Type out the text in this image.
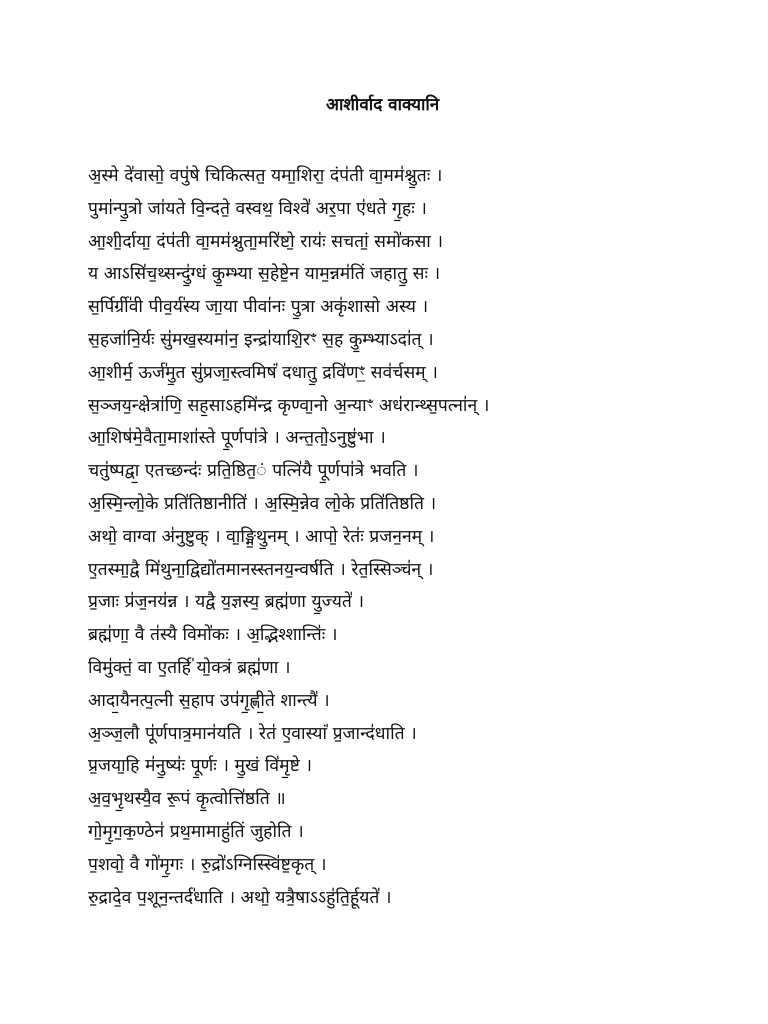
आशीर्वाद वाक्यानि
अ॒स्मे दे॑वासो॒ वपु॑षे चिकित्सत॒ यमा॒शिरा॒ दंप॑ती वा॒मम॑श्नु॒तः ।
पुमा॑न्पु॒त्रो जा॑यते वि॒न्दते॒ वस्वथ॒ विश्वे॑ अर॒पा ए॑धते गृ॒हः ।
आ॒शी॒र्दाया॒ दंप॑ती वा॒मम॑श्नुता॒मरि॑ष्टो॒ रायः॑ सचतां॒ समो॑कसा ।
य आऽसि॑च॒थ्सन्दु॒॑ग्धं कु॒म्भ्या स॒हेष्टे॒न याम॒न्नम॑तिं जहातु॒ सः ।
स॒र्पिर्ग्री॑वी पीव॒र्य॑स्य जा॒या पीवा॑नः पु॒त्रा अकृ॑शासो अस्य ।
स॒हजा॑नि॒र्यः सु॑मख॒स्यमा॑न॒ इन्द्रा॑याशि॒रꣳ स॒ह कु॒म्भ्याऽदा॑त् ।
आ॒शीर्म॒ ऊर्ज॑मु॒त सु॑प्रजा॒स्त्वमिषं॑ दधातु॒ द्रवि॑णꣳ॒ सव॑र्चसम् ।
स॒ञ्जय॒न्क्षेत्रा॑णि॒ सह॒साऽहमि॑न्द्र कृण्वा॒नो अ॒न्याꣳ अध॑रान्थ्स॒पत्ना॑न् ।
आ॒शिष॑मे॒वैता॒माशा॑स्ते पू॒र्णपा॑त्रे । अन्त॒तो॒ऽनुष्टु॑भा ।
चतु॑ष्पद्वा॒ एतच्छन्दः॑ प्रति॒ष्ठित॒ं पत्नि॑यै पू॒र्णपा॑त्रे भवति ।
अ॒स्मि॒न्लो॒के प्रति॑तिष्ठानीति॑ । अ॒स्मि॒न्नेव लो॒के प्रति॑तिष्ठति ।
अथो॒ वाग्वा अ॑नुष्टुक् । वा॒ङ्मि॒थु॒नम् । आपो॒ रेतः॑ प्रजन॒नम् ।
ए॒तस्मा॒द्वै मि॑थुना॒द्विद्यो॑तमानस्स्तनय॒न्वर्ष॑ति । रेत॒स्सिञ्च॑न् ।
प्र॒जाः प्र॑ज॒नय॑न्न । यद्वै य॒ज्ञस्य॒ ब्रह्म॑णा यु॒ज्यते॑ ।
ब्रह्म॑णा॒ वै त॑स्यै विमो॑कः । अ॒द्भिश्शान्तिः॑ ।
विमु॑क्तं॒ वा ए॒तर्हि॑ यो॒क्त्रं ब्रह्म॑णा ।
आदा॒यैनत्प॒त्नी स॒हाप उप॑गृ॒ह्णी॒ते शान्त्यै॑ ।
अ॒ञ्ज॒लौ पू॑र्णपात्र॒मान॑यति । रेत॑ ए॒वास्यां॑ प्र॒जान्द॑धाति ।
प्र॒जया॒हि म॑नु॒ष्यः॑ पू॒र्णः । मु॒खं वि॑मृ॒ष्टे ।
अ॒व॒भृ॒थस्यै॒व रू॒पं कृ॒त्वोत्ति॑ष्ठति ॥
गो॒मृ॒ग॒क॒ण्ठेन॑ प्रथ॒मामाहु॑तिं जुहोति ।
प॒शवो॒ वै गो॑मृ॒गः । रु॒द्रो॑ऽग्निस्स्वि॑ष्ट॒कृत् ।
रु॒द्रादे॒व प॒शून॒न्तर्द॑धाति । अथो॒ यत्रै॒षाऽऽहु॑ति॒र्हू॒यते॑ ।
